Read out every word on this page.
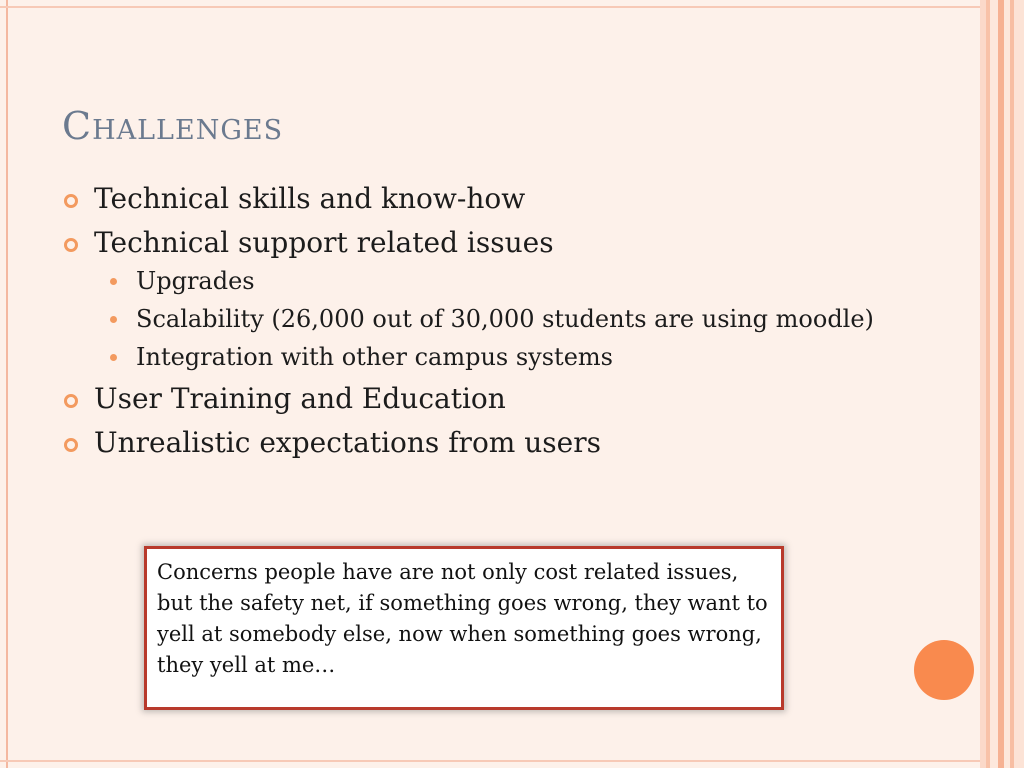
Challenges
Technical skills and know-how
Technical support related issues
Upgrades
Scalability (26,000 out of 30,000 students are using moodle)
Integration with other campus systems
User Training and Education
Unrealistic expectations from users

Concerns people have are not only cost related issues, but the safety net, if something goes wrong, they want to yell at somebody else, now when something goes wrong, they yell at me…
